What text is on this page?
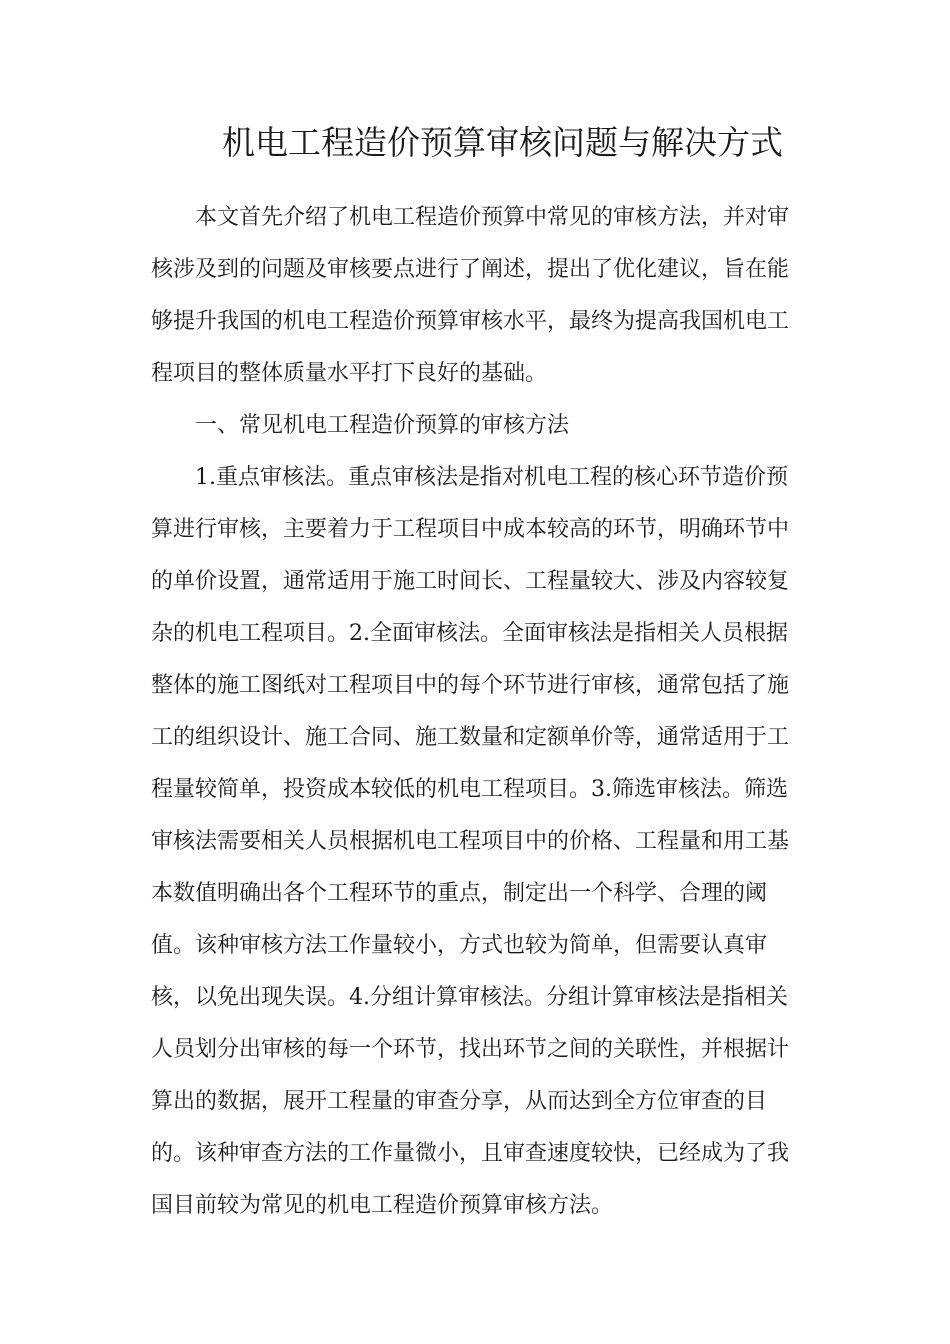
机电工程造价预算审核问题与解决方式
本文首先介绍了机电工程造价预算中常见的审核方法，并对审
核涉及到的问题及审核要点进行了阐述，提出了优化建议，旨在能
够提升我国的机电工程造价预算审核水平，最终为提高我国机电工
程项目的整体质量水平打下良好的基础。
一、常见机电工程造价预算的审核方法
1.重点审核法。重点审核法是指对机电工程的核心环节造价预
算进行审核，主要着力于工程项目中成本较高的环节，明确环节中
的单价设置，通常适用于施工时间长、工程量较大、涉及内容较复
杂的机电工程项目。2.全面审核法。全面审核法是指相关人员根据
整体的施工图纸对工程项目中的每个环节进行审核，通常包括了施
工的组织设计、施工合同、施工数量和定额单价等，通常适用于工
程量较简单，投资成本较低的机电工程项目。3.筛选审核法。筛选
审核法需要相关人员根据机电工程项目中的价格、工程量和用工基
本数值明确出各个工程环节的重点，制定出一个科学、合理的阈
值。该种审核方法工作量较小，方式也较为简单，但需要认真审
核，以免出现失误。4.分组计算审核法。分组计算审核法是指相关
人员划分出审核的每一个环节，找出环节之间的关联性，并根据计
算出的数据，展开工程量的审查分享，从而达到全方位审查的目
的。该种审查方法的工作量微小，且审查速度较快，已经成为了我
国目前较为常见的机电工程造价预算审核方法。
